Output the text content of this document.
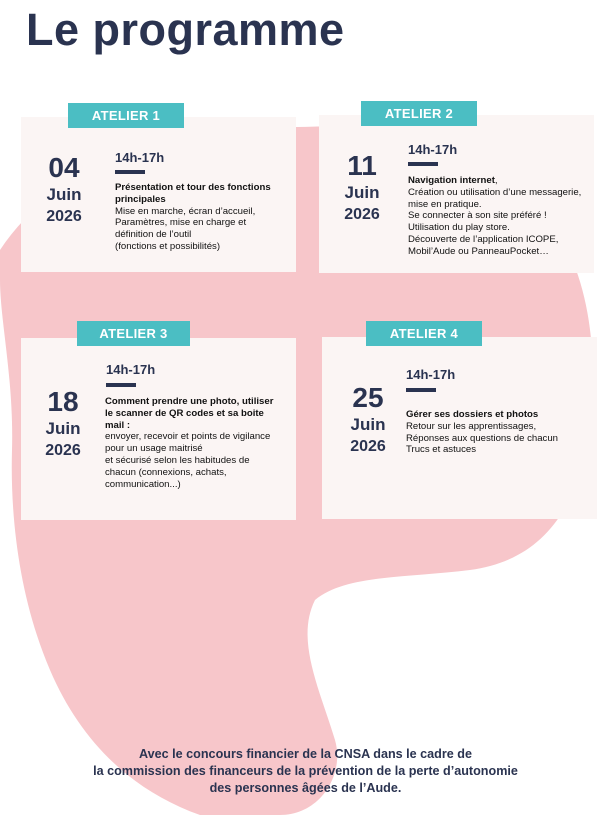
Le programme
ATELIER 1
04
Juin
2026
14h-17h
Présentation et tour des fonctions
principales
Mise en marche, écran d’accueil,
Paramètres, mise en charge et
définition de l’outil
(fonctions et possibilités)
ATELIER 2
11
Juin
2026
14h-17h
Navigation internet,
Création ou utilisation d’une messagerie,
mise en pratique.
Se connecter à son site préféré !
Utilisation du play store.
Découverte de l’application ICOPE,
Mobil’Aude ou PanneauPocket…
ATELIER 3
18
Juin
2026
14h-17h
Comment prendre une photo, utiliser
le scanner de QR codes et sa boite
mail :
envoyer, recevoir et points de vigilance
pour un usage maitrisé
et sécurisé selon les habitudes de
chacun (connexions, achats,
communication...)
ATELIER 4
25
Juin
2026
14h-17h
Gérer ses dossiers et photos
Retour sur les apprentissages,
Réponses aux questions de chacun
Trucs et astuces
Avec le concours financier de la CNSA dans le cadre de
la commission des financeurs de la prévention de la perte d’autonomie
des personnes âgées de l’Aude.
